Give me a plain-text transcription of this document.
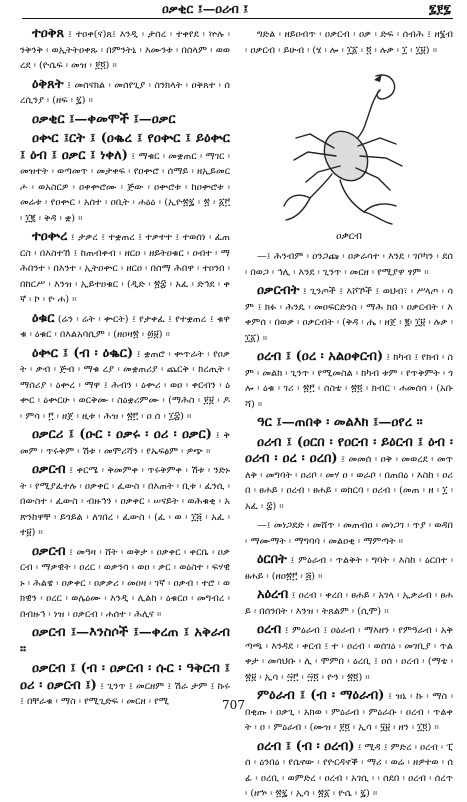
ዐቃቂር ፤—ዐሪብ ፤	፯፻፯

ተዐቅጸ ፤ ተዐቀ(ና)ጸ፤ እንዲ ፡ ታሰረ ፡ ተቀየደ ፡ ኵሉ ፡ ንቅንቅ ፡ ወኢትትዐቀጹ ፡ በምንትኒ ፡ እሙንቱ ፡ በሰላም ፡ ወወረደ ፡ (ዮሴፍ ፡ መዝ ፡ ፻፬) ።

ዕቅጸት ፤ መሰናክል ፡ መሰየጊያ ፡ ስንክላት ፡ ዐቅጸተ ፡ ሰረሲንያ ፡ (ዘፍ ፡ ፯) ።

ዐቃቂር ፤—ቀመሞች ፤—ዐቃር

ዐቍር ፤ርት ፤ (ዐቈረ ፤ የዐቍር ፤ ይዕቍር ፤ ዕብ ፤ ዐቃር ፤ ነቀለ) ፤ ማቁር ፡ መቋጠር ፡ ማገር ፡ መዝተት ፡ ወጣመጥ ፡ መታቀፍ ፡ የዐቍሮ ፡ ሰማይ ፡ ዘኢይመርሖ ፡ ወአስርዎ ፡ ዐቀቍሮሙ ፡ ጅው ፡ ዐቍሮቱ ፡ ከዐቍሮቱ ፡ መሬቱ ፡ የዐቍር ፡ አሰተ ፡ ዐቢት ፡ ሐዕዕ ፡ (ኢዮ፳፯ ፡ ፳ ፡ ፩፫ ፡ ፲፪ ፡ ቅዳ ፡ ቋ) ።

ተዐቍረ ፤ ታቃረ ፤ ተቋጠረ ፤ ተቃተተ ፤ ተወሰነ ፡ ፈጠርስ ፡ በእስተኸ ፤ ከጠብቀብ ፡ ዘርዐ ፡ ዘይትዐቁር ፡ ዐብተ ፡ ማሕበንተ ፡ በእንተ ፡ ኢትዐቍር ፡ ዘርዐ ፡ በሰማ ሕበዋ ፡ ተዐንበ ፡ በከርሥ ፡ እንዝ ፡ ኢይተዐቁር ፡ (ዲድ ፡ ፳፰ ፡ አፈ ፡ ድኅደ ፡ ቀኛ ፡ ኮ ፡ ዮ ሐ) ።

ዕቁር (ሬን ፡ ሬት ፡ ቍርት) ፤ የታቀፈ ፤ የተቋጠረ ፤ ቁዋቁ ፡ ዕቁር ፡ በእልአባሲም ፡ (ዘዐዛ፳ ፡ ፴፱) ።

ዕቍር ፤ (ብ ፡ ዕቈር) ፤ ቋጠሮ ፡ ቍጥራት ፡ የዐቃት ፡ ቃብ ፡ ጅብ ፡ ማቁ ረያ ፡ መቋጠሪያ ፡ ጨርቅ ፡ ክረጢት ፡ ማሰሪያ ፡ ዕቍረ ፡ ማዋ ፤ ሕብን ፡ ዕቍሪ ፡ ወዐ ፡ ቀርብን ፡ ዕቍር ፡ ዕቍርሁ ፡ ወርቅሙ ፡ ስዕቋሪምሙ ፡ (ማሕስ ፡ ፻፱ ፡ ዶ ፡ ምሳ ፡ ፫ ፡ ዘጀ ፡ ዚቱ ፡ ሕዝ ፡ ፳፫ ፡ ዐ ሰ ፡ ፲፰) ።

ዐቃርሪ ፤ (ዑር ፡ ዐቃሩ ፡ ዐሪ ፡ ዐቃር) ፤ ቅመም ፡ ጥሩቅም ፡ ሽቱ ፡ መሞሪሻን ፡ የኤፍፅም ፡ ዎጭ ።

ዐቃርብ ፤ ቀርሜ ፡ ቅመምቀ ፡ ጥሩቅምቀ ፡ ሽቱ ፡ ንድኑት ፡ የሚያፈተሉ ፡ ዐቃቀር ፡ ፈውስ ፡ በእጠት ፡ ቢቱ ፡ ፈንሲ ፡ በውስተ ፡ ፈውስ ፡ ብዙኅን ፡ ዐቃቀር ፡ ሠናይት ፡ ወሕቁቂ ፡ አጽንከዋቸ ፡ ይጎይል ፡ ለገበረ ፡ ፈውስ ፡ (ፈ ፡ ወ ፡ ፲፭ ፡ አፈ ፡ ተ፱) ።

ዐቃርብ ፤ መዓዛ ፡ ሸት ፡ ወቅታ ፡ ዐቃቀር ፡ ቀርቤ ፡ ዐቃርብ ፡ ማቃዊት ፡ ዐረር ፡ ወቃንሳ ፡ ወዐ ፡ ቃር ፡ ወዕስተ ፡ ፍሃዊኑ ፡ ሕልዌ ፡ ዐቃቀር ፡ ዐቃቃሪ ፡ መዐዛ ፡ ገኛ ፡ ዐቃብ ፡ ተሮ ፡ ወክዊን ፡ ዐረር ፡ ወሌዕሙ ፡ እንዲ ፡ ሊልከ ፡ ዕቁርዐ ፡ መግብረ ፡ በብዙኅ ፡ ነዝ ፡ ዐቃርብ ፡ ሐሰተ ፡ ሕሊና ።

ዐቃርብ ፤—እንስሶች ፤—ቀረጠ ፤ አቅራብ ።

ዐቃርብ ፤ (ብ ፡ ዐቃርብ ፡ ሱር ፡ ዓቅርብ ፤ ዐሪ ፡ ዐቃርብ ፤) ፤ ጊንጥ ፤ መርዘም ፤ ሽራ ታም ፤ ኩሩ ፤ በቸራቁ ፡ ማስ ፡ የሚጊድፍ ፡ መርዘ ፡ የሚ

ግድል ፡ ዘይዐብጥ ፡ ዐቃርብ ፡ ዐቃ ፡ ድፍ ፡ ሰብሕ ፤ ዘ፮ብ ፡ ዐቃርብ ፡ ይሁብ ፡ (ሄ ፡ ሎ ፡ ፲፩ ፡ ፬ ፡ ሉቃ ፡ ፲ ፡ ፲፱) ።

ዐቃርብ

—፤ ሕንብም ፡ ዐንጋጩ ፡ ዐቃራሳተ ፡ እንደ ፡ ገቦካን ፡ ደሰ ፡ በወጋ ፡ ኅሊ ፡ እንደ ፡ ጊንጥ ፡ መርዘ ፡ የሚያዋ ፃም ።

ዐቃርብት ፤ ጊንጦች ፤ እሾኾች ፤ ወህብ፣ ፡ ሥላጦ ፡ ሳም ፤ ክፉ ፡ ሕንዴ ፡ መዐፍርድንስ ፡ ማሕ ክበ ፡ ዐቃርብት ፡ እቀምሰ ፡ በወቃ ፡ ዐቃርብት ፡ (ቅዳ ፡ ሔ ፡ ዘጀ ፡ ፪፡ ፲፱ ፡ ሉቃ ፡ ፲፩) ።

ዐረብ ፤ (ዐረ ፡ አልዐቀርብ) ፤ ክካብ ፤ የክብ ፡ ስም ፡ መልክ ፡ ጊንጥ ፡ የሚመስል ፡ ክካብ ቱም ፡ የጥቅምት ፡ ጎሎ ፡ ዕቁ ፡ ገሪ ፡ ፳፫ ፡ ሰስቴ ፡ ፳፬ ፡ ክብር ፡ ሐመሰሳ ፡ (አቡሻ) ።

ዓር ፤—ጠበቀ ፡ መልእክ ፤—ዐየረ ።

ዐሪብ ፤ (ዐርበ ፡ የዐርብ ፡ ይዕርብ ፤ ዕብ ፡ ዐሪብ ፡ ዐረ ፡ ዐረበ) ፤ መመሰ ፡ ዐቅ ፡ መወረደ ፡ መጥለቅ ፡ መግባት ፡ ዐሪቦ ፡ መሃ ዐ ፡ ወራቦ ፡ በጠበዕ ፡ እስከ ፡ ዐሪበ ፡ ፀሐይ ፡ ዐረብ ፡ ፀሐይ ፡ ወክርባ ፡ ዐሪብ ፡ (መጠ ፡ ዘ ፡ ፲ ፡ አፈ ፡ ፰) ።

—፤ መነጋደድ ፡ መሸጥ ፡ መጠብዐ ፡ መነጋገ ፡ ጥያ ፡ ወዳበ ፡ ማሙማት ፡ ማግባባ ፡ መልዐቂ ፡ ማምጣት ።

ዕርበት ፤ ምዕራብ ፡ ጥልቅት ፡ ግባት ፡ እስከ ፡ ዕርበተ ፡ ፀሐይ ፡ (ዘዐ፳፫ ፡ ፭) ።

አዕረብ ፤ ዐረብ ፡ ቀረበ ፡ ፀሐይ ፡ አገላ ፡ ኢቃራብ ፡ ፀሐይ ፡ በሰንበት ፡ እንዝ ፡ ትጸልም ፡ (ሲሞ) ።

ዐረብ ፤ ምዕራብ ፤ ዐዕራብ ፡ ማእዘን ፡ የምዓራብ ፡ አቅጣጫ ፡ እንዳደ ፡ ቀርብ ፤ ተ ፡ ዐረብ ፡ ወሰገዕ ፡ መገቢያ ፡ ጥልቀታ ፡ መሳህቡ ፡ ሊ ፡ ሞምበ ፡ ዕረቢ ፤ ዐሰ ፡ ዐረብ ፡ (ማቴ ፡ ፳፱ ፡ ኢሳ ፡ ፵፫ ፡ ፵፬ ፡ ዮን ፡ ፳፬) ።

ምዕራብ ፤ (ብ ፡ ማዕራብ) ፤ ዝኒ ፡ ኩ ፡ ማስ ፡ በቂጡ ፡ ዐቃጊ ፡ አክወ ፡ ምዕራብ ፡ ምዕራቡ ፡ ዐረብ ፡ ጥልቀት ፡ ዐ ፡ ምዕራብ ፡ (ሙዝ ፡ ፻፬ ፡ ኢሳ ፡ ፶፱ ፡ ዘን ፡ ፲፬) ።

ዐረብ ፤ (ብ ፡ ዐረብ) ፤ ሚዳ ፤ ምድረ ፡ ዐረብ ፡ ፒሰ ፡ ዕንበዕ ፡ የሴኖው ፡ የዮርዳኖቕ ፡ ማሪ ፡ ወሬ ፡ ዘዎተወ ፡ ሰፊ ፡ ዐረቢ ፡ ወምድረ ፡ ዐረብ ፡ አገሲ ፡ ፡ ሰደበ ፡ ዐረብ ፡ ሰረጥ ፡ (ዘኍ ፡ ፳፯ ፡ ኢሳ ፡ ፳፩ ፡ ዮሴ ፡ ፯) ።

707
